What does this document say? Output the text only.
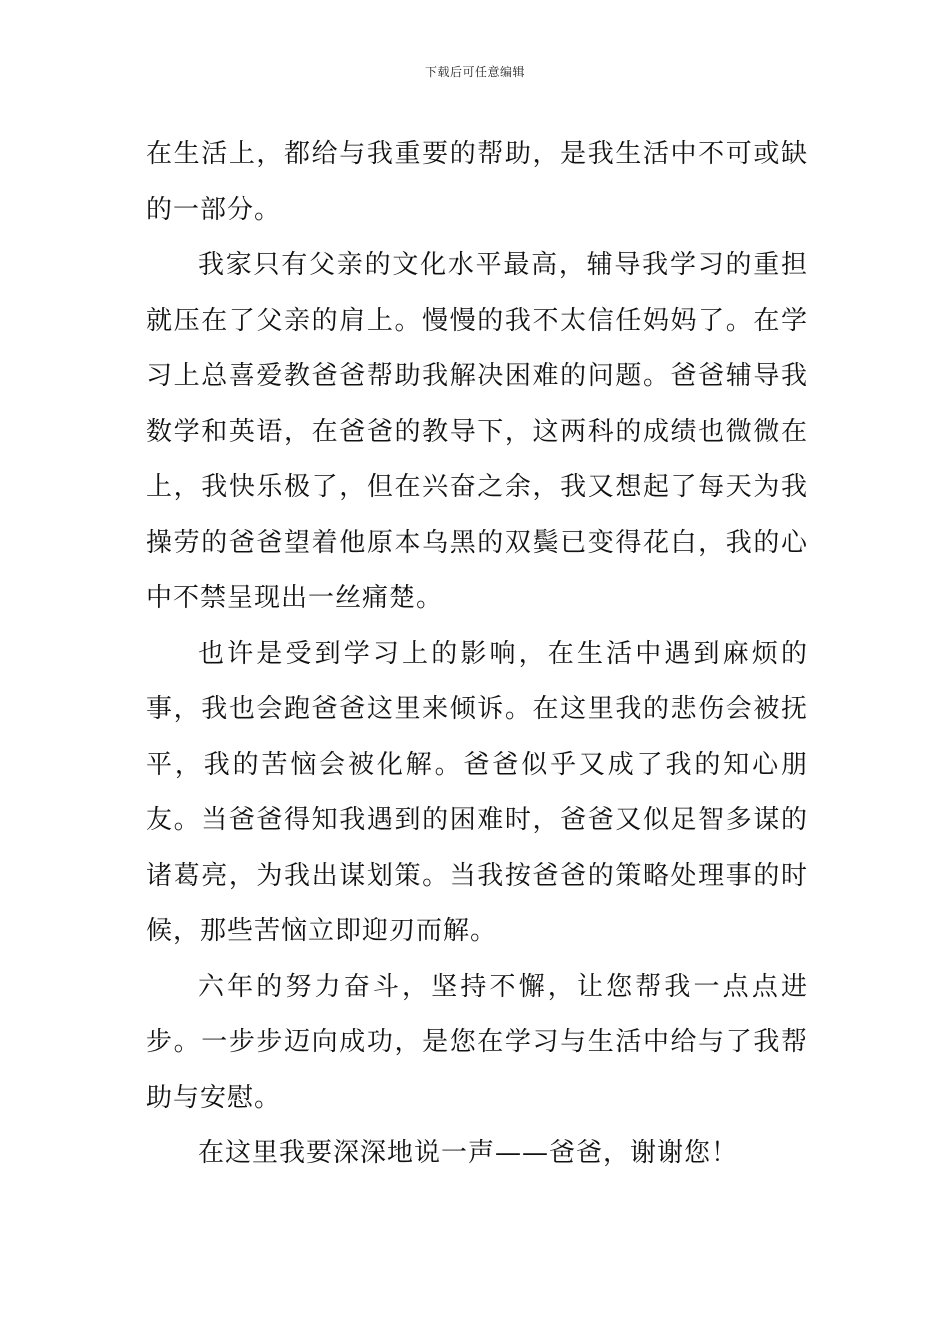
下载后可任意编辑

在生活上，都给与我重要的帮助，是我生活中不可或缺的一部分。

我家只有父亲的文化水平最高，辅导我学习的重担就压在了父亲的肩上。慢慢的我不太信任妈妈了。在学习上总喜爱教爸爸帮助我解决困难的问题。爸爸辅导我数学和英语，在爸爸的教导下，这两科的成绩也微微在上，我快乐极了，但在兴奋之余，我又想起了每天为我操劳的爸爸望着他原本乌黑的双鬓已变得花白，我的心中不禁呈现出一丝痛楚。

也许是受到学习上的影响，在生活中遇到麻烦的事，我也会跑爸爸这里来倾诉。在这里我的悲伤会被抚平，我的苦恼会被化解。爸爸似乎又成了我的知心朋友。当爸爸得知我遇到的困难时，爸爸又似足智多谋的诸葛亮，为我出谋划策。当我按爸爸的策略处理事的时候，那些苦恼立即迎刃而解。

六年的努力奋斗，坚持不懈，让您帮我一点点进步。一步步迈向成功，是您在学习与生活中给与了我帮助与安慰。

在这里我要深深地说一声——爸爸，谢谢您！
